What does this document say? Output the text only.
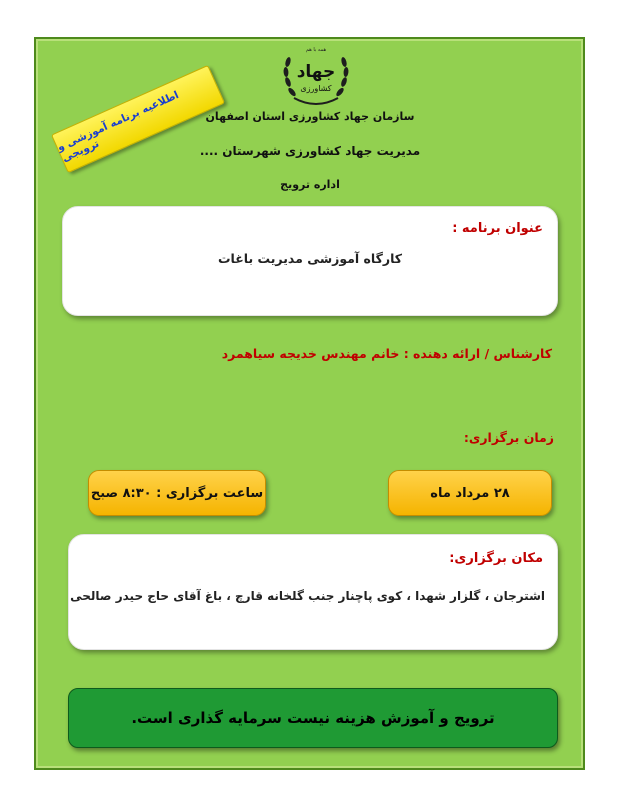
همه با هم
جهاد
کشاورزی
اطلاعیه برنامه آموزشی و ترویجی
سازمان جهاد کشاورزی استان اصفهان
مدیریت جهاد کشاورزی شهرستان ....
اداره ترویج
عنوان برنامه :
کارگاه آموزشی مدیریت باغات
کارشناس / ارائه دهنده : خانم مهندس خدیجه سیاهمرد
زمان برگزاری:
۲۸ مرداد ماه
ساعت برگزاری : ۸:۳۰ صبح
مکان برگزاری:
اشترجان ، گلزار شهدا ، کوی پاچنار جنب گلخانه قارچ ، باغ آقای حاج حیدر صالحی
ترویج و آموزش هزینه نیست سرمایه گذاری است.
